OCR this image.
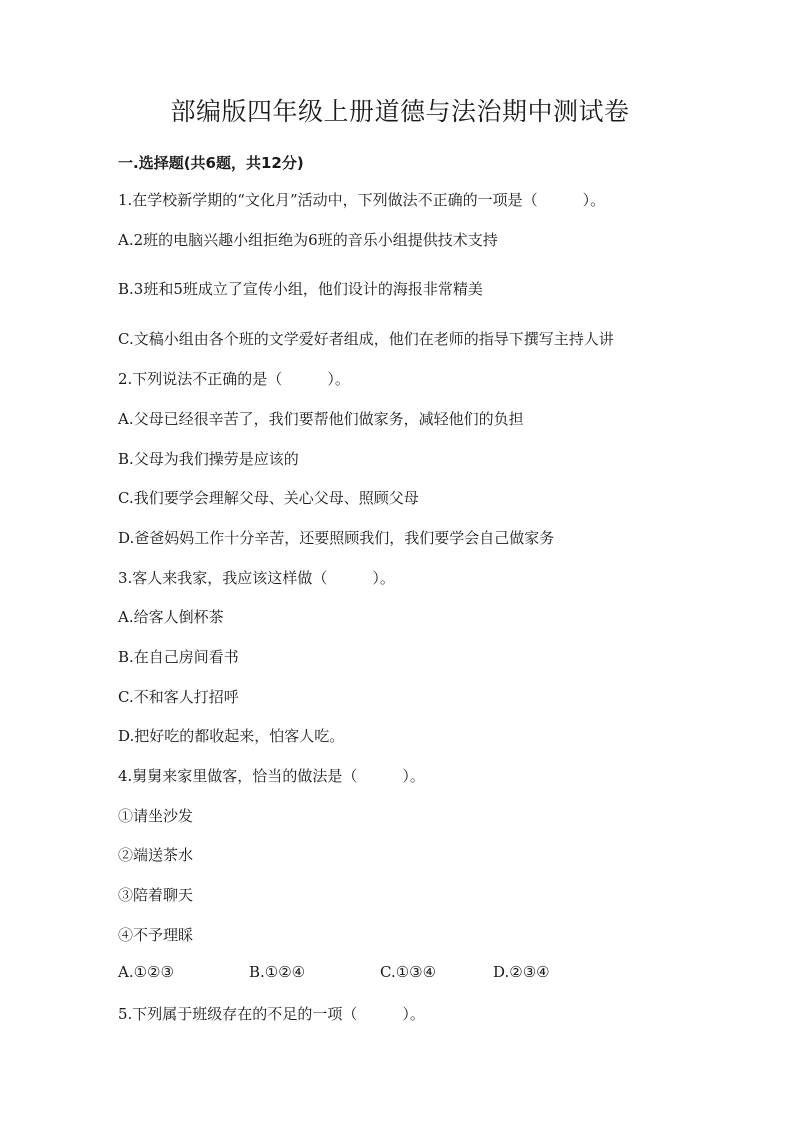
部编版四年级上册道德与法治期中测试卷
一.选择题(共6题，共12分)
1.在学校新学期的“文化月”活动中，下列做法不正确的一项是（　　　）。
A.2班的电脑兴趣小组拒绝为6班的音乐小组提供技术支持
B.3班和5班成立了宣传小组，他们设计的海报非常精美
C.文稿小组由各个班的文学爱好者组成，他们在老师的指导下撰写主持人讲
2.下列说法不正确的是（　　　）。
A.父母已经很辛苦了，我们要帮他们做家务，减轻他们的负担
B.父母为我们操劳是应该的
C.我们要学会理解父母、关心父母、照顾父母
D.爸爸妈妈工作十分辛苦，还要照顾我们，我们要学会自己做家务
3.客人来我家，我应该这样做（　　　）。
A.给客人倒杯茶
B.在自己房间看书
C.不和客人打招呼
D.把好吃的都收起来，怕客人吃。
4.舅舅来家里做客，恰当的做法是（　　　）。
①请坐沙发
②端送茶水
③陪着聊天
④不予理睬
A.①②③	B.①②④	C.①③④	D.②③④
5.下列属于班级存在的不足的一项（　　　）。
